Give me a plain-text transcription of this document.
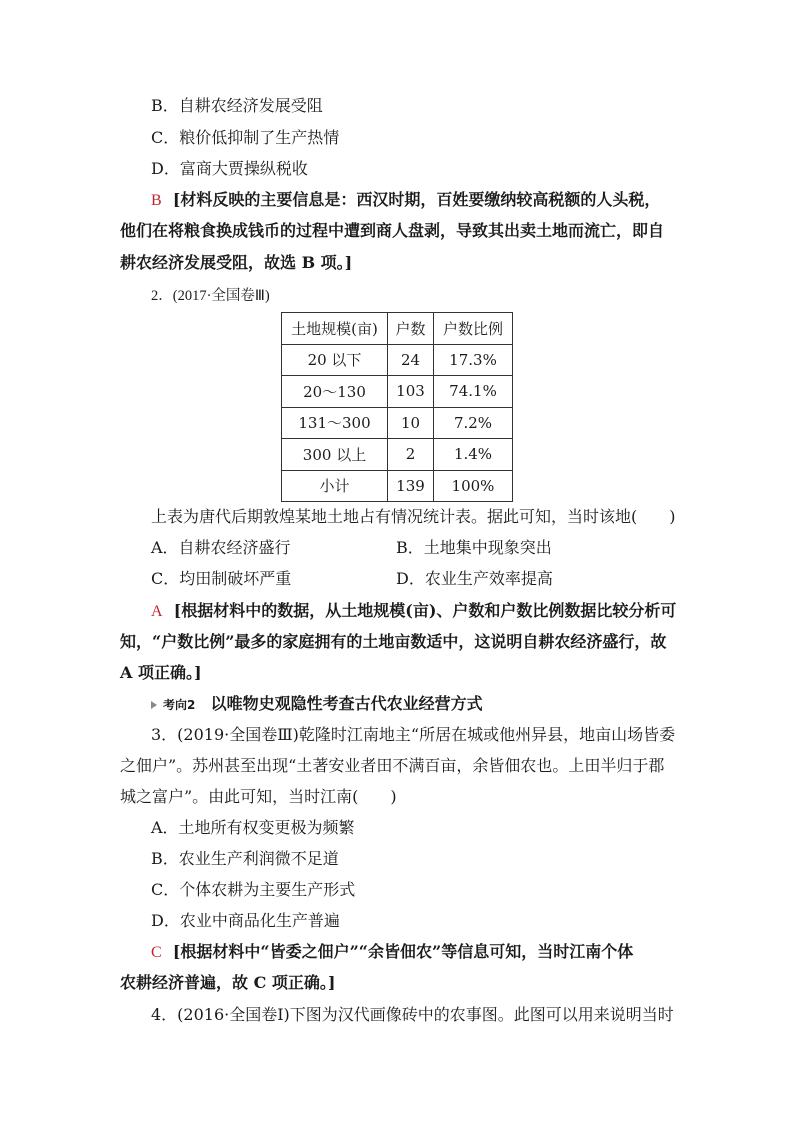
B．自耕农经济发展受阻
C．粮价低抑制了生产热情
D．富商大贾操纵税收
B [材料反映的主要信息是：西汉时期，百姓要缴纳较高税额的人头税，
他们在将粮食换成钱币的过程中遭到商人盘剥，导致其出卖土地而流亡，即自
耕农经济发展受阻，故选 B 项。]
2．(2017·全国卷Ⅲ)
土地规模(亩)	户数	户数比例
20 以下	24	17.3%
20～130	103	74.1%
131～300	10	7.2%
300 以上	2	1.4%
小计	139	100%
上表为唐代后期敦煌某地土地占有情况统计表。据此可知，当时该地(　　)
A．自耕农经济盛行	B．土地集中现象突出
C．均田制破坏严重	D．农业生产效率提高
A [根据材料中的数据，从土地规模(亩)、户数和户数比例数据比较分析可
知，“户数比例”最多的家庭拥有的土地亩数适中，这说明自耕农经济盛行，故
A 项正确。]
考向2 以唯物史观隐性考查古代农业经营方式
3．(2019·全国卷Ⅲ)乾隆时江南地主“所居在城或他州异县，地亩山场皆委
之佃户”。苏州甚至出现“土著安业者田不满百亩，余皆佃农也。上田半归于郡
城之富户”。由此可知，当时江南(　　)
A．土地所有权变更极为频繁
B．农业生产利润微不足道
C．个体农耕为主要生产形式
D．农业中商品化生产普遍
C [根据材料中“皆委之佃户”“余皆佃农”等信息可知，当时江南个体
农耕经济普遍，故 C 项正确。]
4．(2016·全国卷Ⅰ)下图为汉代画像砖中的农事图。此图可以用来说明当时
